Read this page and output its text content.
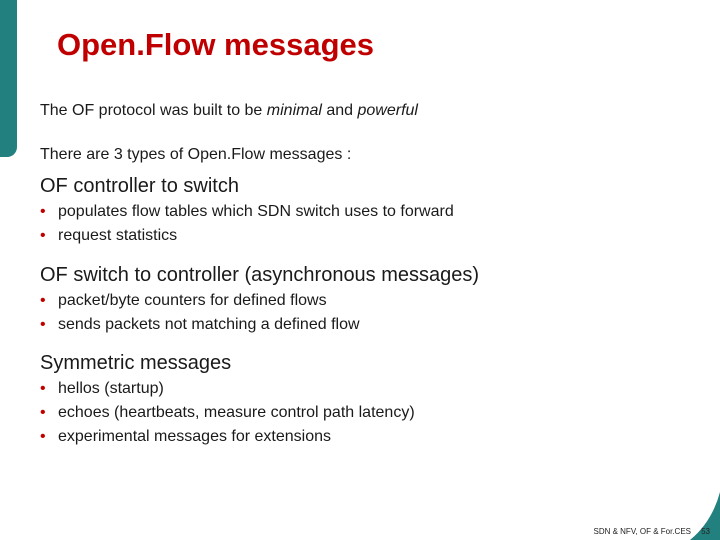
Open.Flow messages
The OF protocol was built to be minimal and powerful
There are 3 types of Open.Flow messages :
OF controller to switch
• populates flow tables which SDN switch uses to forward
• request statistics
OF switch to controller (asynchronous messages)
• packet/byte counters for defined flows
• sends packets not matching a defined flow
Symmetric messages
• hellos (startup)
• echoes (heartbeats, measure control path latency)
• experimental messages for extensions
SDN & NFV, OF & For.CES 53
